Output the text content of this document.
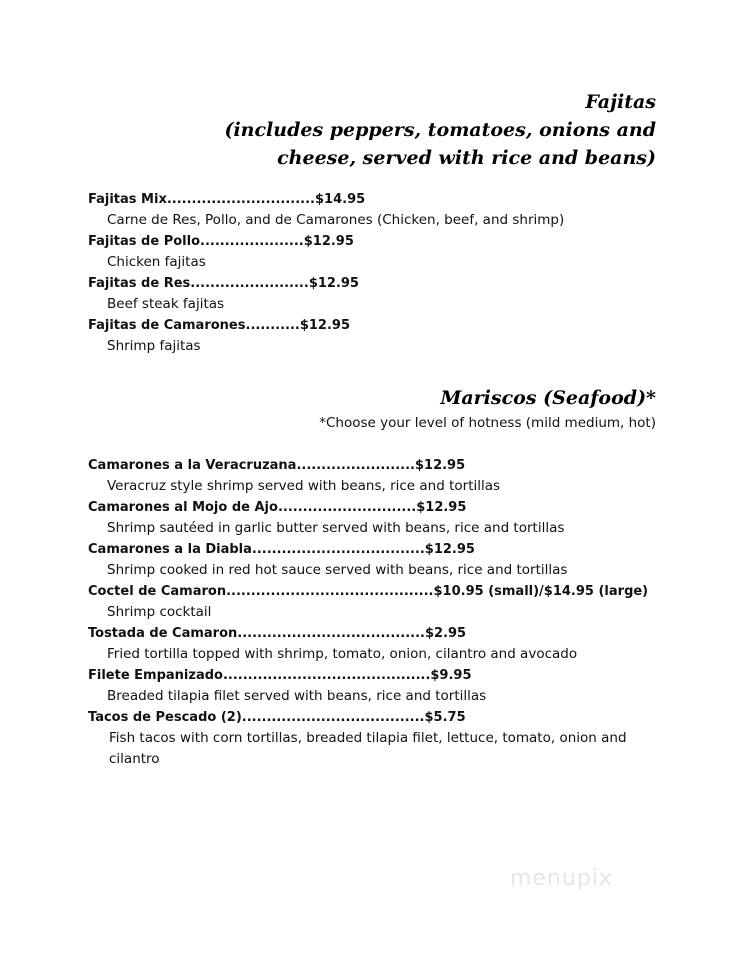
Fajitas
(includes peppers, tomatoes, onions and
cheese, served with rice and beans)
Fajitas Mix..............................$14.95
Carne de Res, Pollo, and de Camarones (Chicken, beef, and shrimp)
Fajitas de Pollo.....................$12.95
Chicken fajitas
Fajitas de Res........................$12.95
Beef steak fajitas
Fajitas de Camarones...........$12.95
Shrimp fajitas
Mariscos (Seafood)*
*Choose your level of hotness (mild medium, hot)
Camarones a la Veracruzana........................$12.95
Veracruz style shrimp served with beans, rice and tortillas
Camarones al Mojo de Ajo............................$12.95
Shrimp sautéed in garlic butter served with beans, rice and tortillas
Camarones a la Diabla...................................$12.95
Shrimp cooked in red hot sauce served with beans, rice and tortillas
Coctel de Camaron..........................................$10.95 (small)/$14.95 (large)
Shrimp cocktail
Tostada de Camaron......................................$2.95
Fried tortilla topped with shrimp, tomato, onion, cilantro and avocado
Filete Empanizado..........................................$9.95
Breaded tilapia filet served with beans, rice and tortillas
Tacos de Pescado (2).....................................$5.75
Fish tacos with corn tortillas, breaded tilapia filet, lettuce, tomato, onion and cilantro
menupix
